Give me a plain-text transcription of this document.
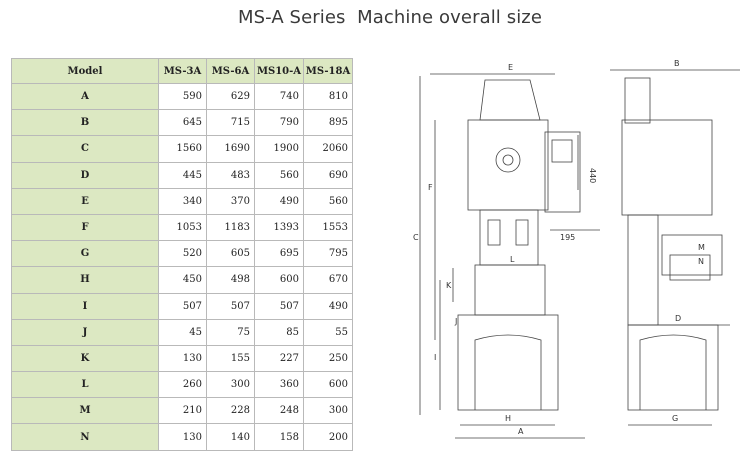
MS-A Series  Machine overall size
Model	MS-3A	MS-6A	MS10-A	MS-18A
A	590	629	740	810
B	645	715	790	895
C	1560	1690	1900	2060
D	445	483	560	690
E	340	370	490	560
F	1053	1183	1393	1553
G	520	605	695	795
H	450	498	600	670
I	507	507	507	490
J	45	75	85	55
K	130	155	227	250
L	260	300	360	600
M	210	228	248	300
N	130	140	158	200
E	B
C
F
K
I
J
L
H
A
M
N
D
G
440
195
